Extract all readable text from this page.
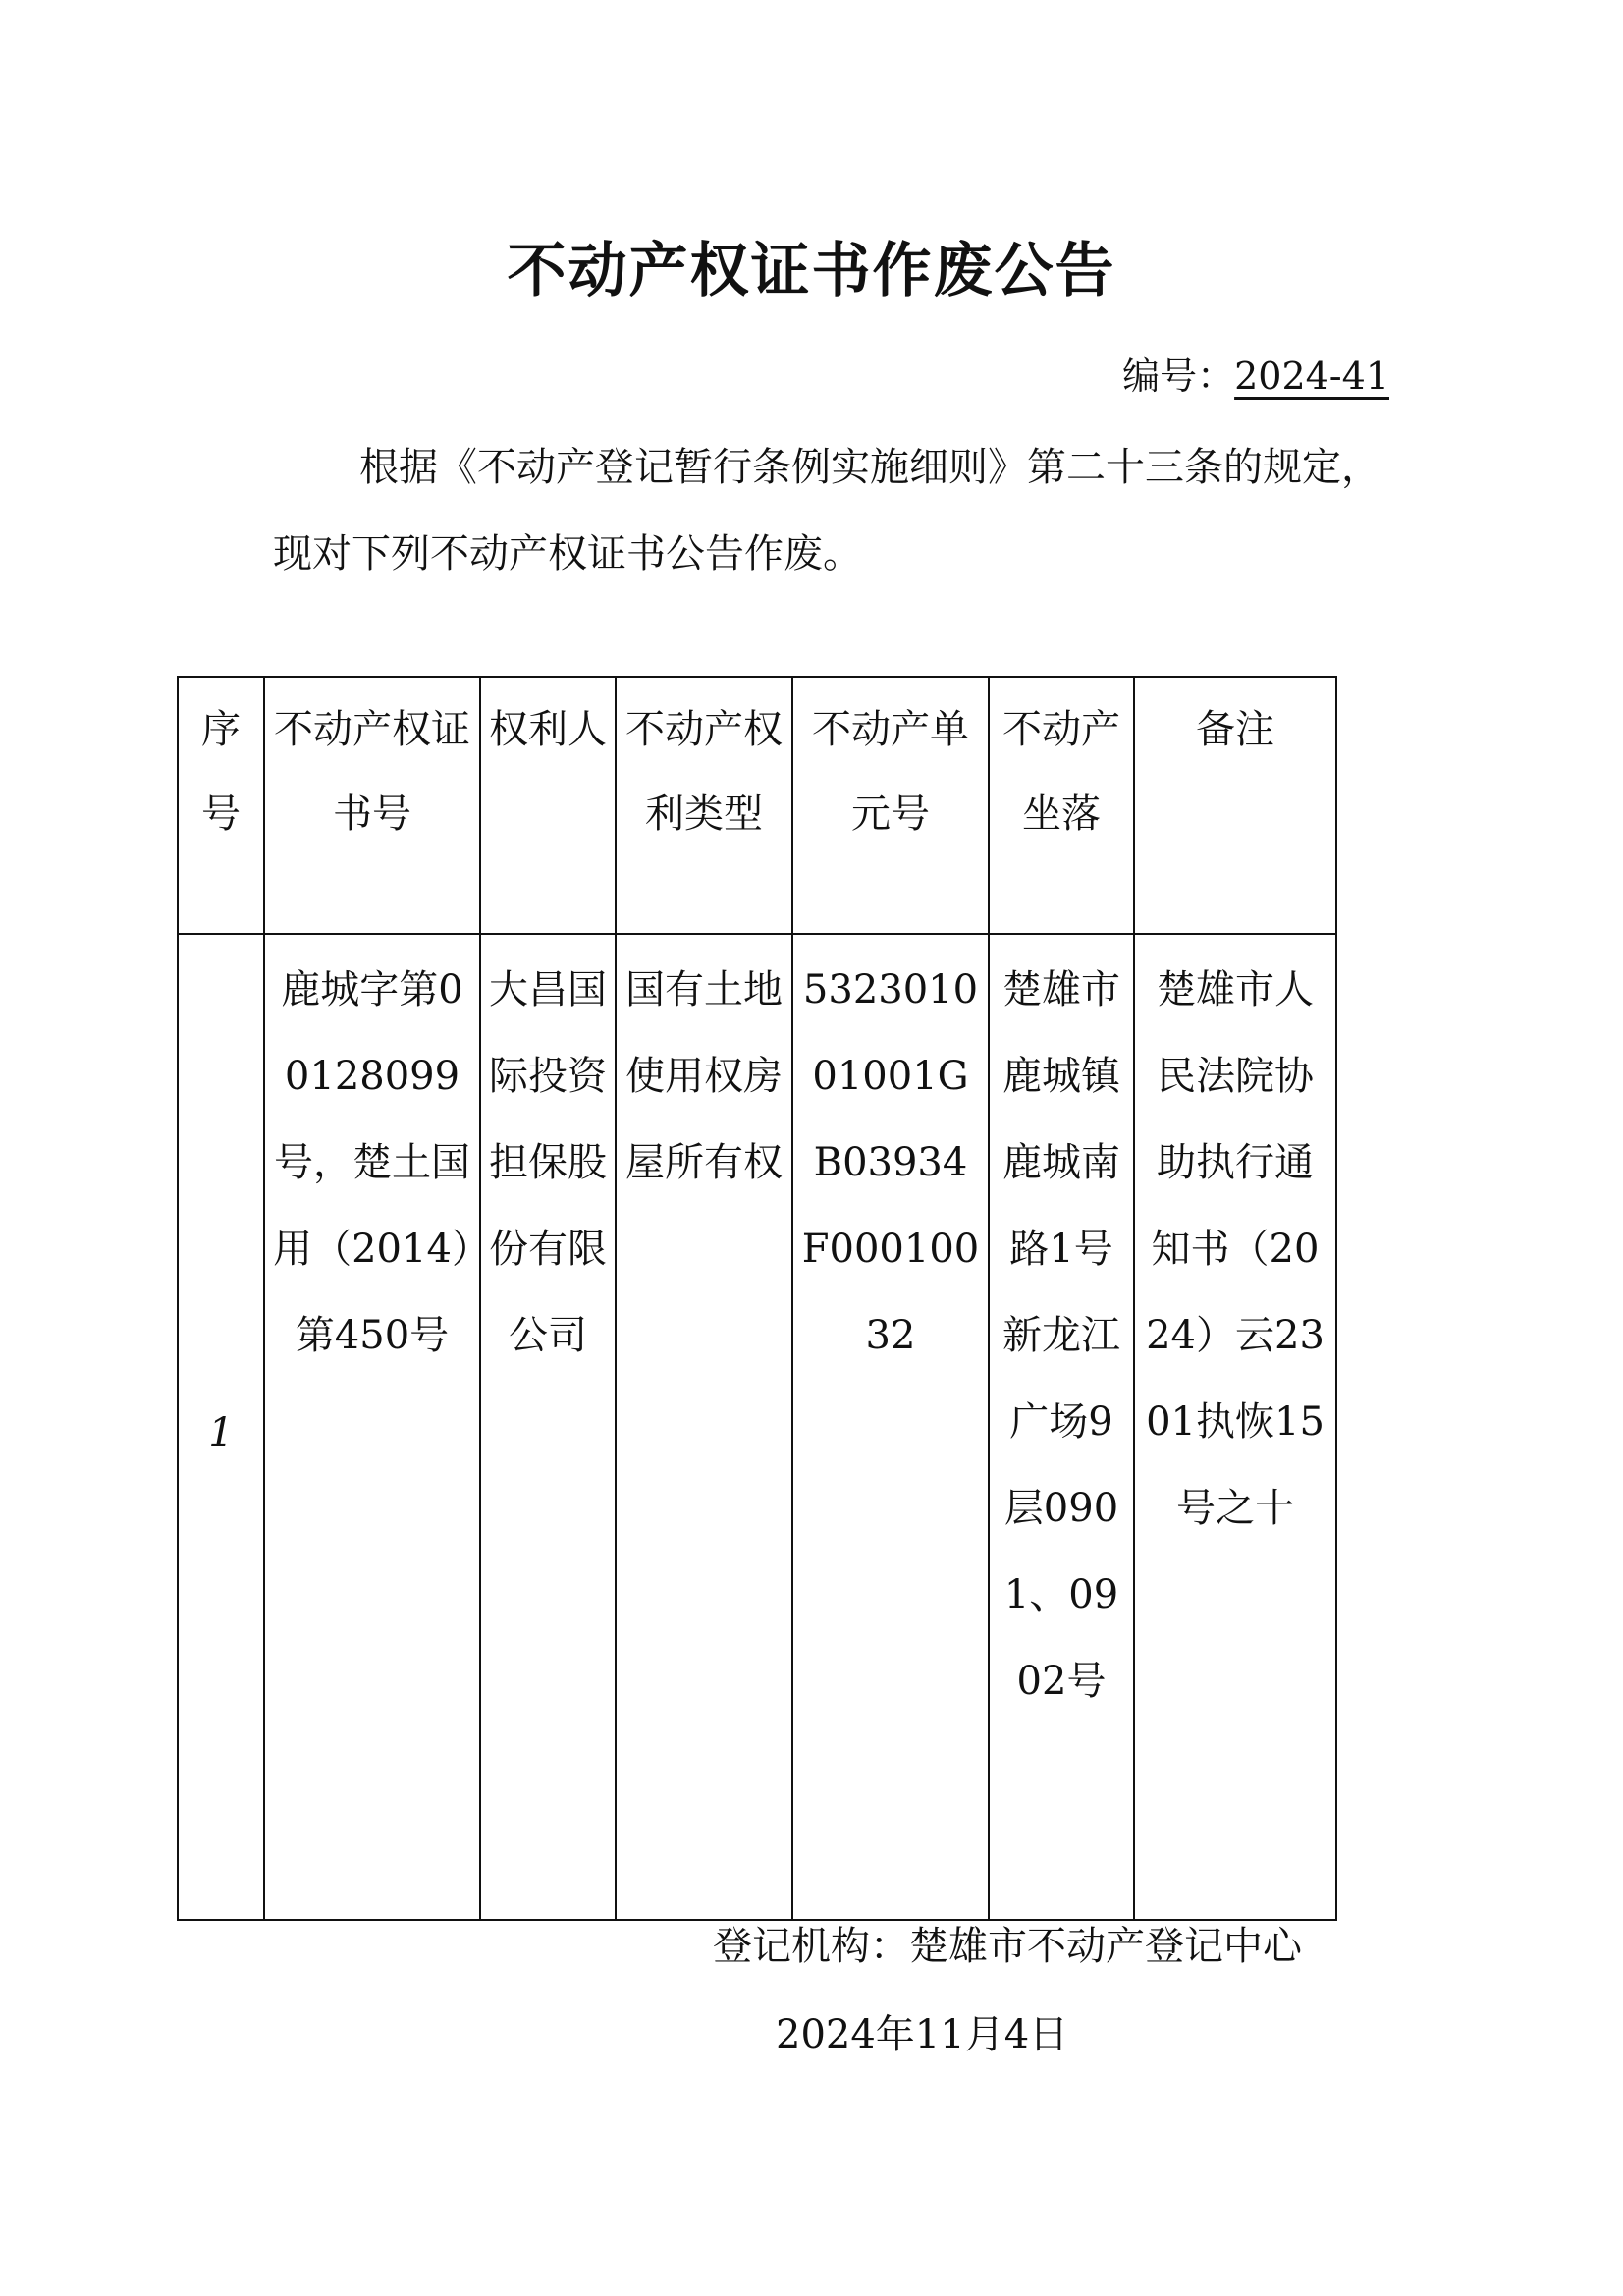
不动产权证书作废公告
编号：2024-41

根据《不动产登记暂行条例实施细则》第二十三条的规定，现对下列不动产权证书公告作废。

序号	不动产权证书号	权利人	不动产权利类型	不动产单元号	不动产坐落	备注

1	鹿城字第00128099号，楚土国用（2014）第450号	大昌国际投资担保股份有限公司	国有土地使用权房屋所有权	532301001001GB03934F00010032	楚雄市鹿城镇鹿城南路1号新龙江广场9层0901、0902号	楚雄市人民法院协助执行通知书（2024）云2301执恢15号之十
登记机构：楚雄市不动产登记中心
2024年11月4日
